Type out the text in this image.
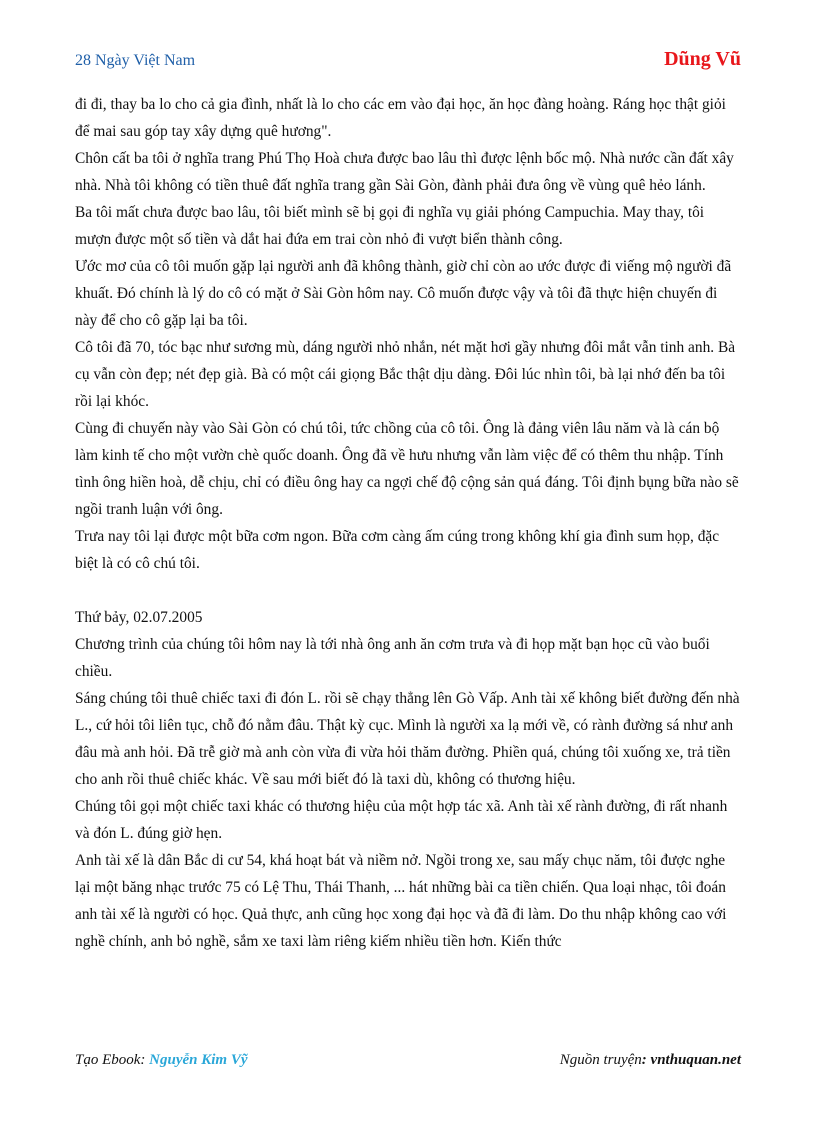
28 Ngày Việt Nam	Dũng Vũ

đi đi, thay ba lo cho cả gia đình, nhất là lo cho các em vào đại học, ăn học đàng hoàng. Ráng học thật giỏi để mai sau góp tay xây dựng quê hương".

Chôn cất ba tôi ở nghĩa trang Phú Thọ Hoà chưa được bao lâu thì được lệnh bốc mộ. Nhà nước cần đất xây nhà. Nhà tôi không có tiền thuê đất nghĩa trang gần Sài Gòn, đành phải đưa ông về vùng quê hẻo lánh.

Ba tôi mất chưa được bao lâu, tôi biết mình sẽ bị gọi đi nghĩa vụ giải phóng Campuchia. May thay, tôi mượn được một số tiền và dắt hai đứa em trai còn nhỏ đi vượt biển thành công.

Ước mơ của cô tôi muốn gặp lại người anh đã không thành, giờ chỉ còn ao ước được đi viếng mộ người đã khuất. Đó chính là lý do cô có mặt ở Sài Gòn hôm nay. Cô muốn được vậy và tôi đã thực hiện chuyến đi này để cho cô gặp lại ba tôi.

Cô tôi đã 70, tóc bạc như sương mù, dáng người nhỏ nhắn, nét mặt hơi gầy nhưng đôi mắt vẫn tinh anh. Bà cụ vẫn còn đẹp; nét đẹp già. Bà có một cái giọng Bắc thật dịu dàng. Đôi lúc nhìn tôi, bà lại nhớ đến ba tôi rồi lại khóc.

Cùng đi chuyến này vào Sài Gòn có chú tôi, tức chồng của cô tôi. Ông là đảng viên lâu năm và là cán bộ làm kinh tế cho một vườn chè quốc doanh. Ông đã về hưu nhưng vẫn làm việc để có thêm thu nhập. Tính tình ông hiền hoà, dễ chịu, chỉ có điều ông hay ca ngợi chế độ cộng sản quá đáng. Tôi định bụng bữa nào sẽ ngồi tranh luận với ông.

Trưa nay tôi lại được một bữa cơm ngon. Bữa cơm càng ấm cúng trong không khí gia đình sum họp, đặc biệt là có cô chú tôi.

Thứ bảy, 02.07.2005

Chương trình của chúng tôi hôm nay là tới nhà ông anh ăn cơm trưa và đi họp mặt bạn học cũ vào buổi chiều.

Sáng chúng tôi thuê chiếc taxi đi đón L. rồi sẽ chạy thẳng lên Gò Vấp. Anh tài xế không biết đường đến nhà L., cứ hỏi tôi liên tục, chỗ đó nằm đâu. Thật kỳ cục. Mình là người xa lạ mới về, có rành đường sá như anh đâu mà anh hỏi. Đã trễ giờ mà anh còn vừa đi vừa hỏi thăm đường. Phiền quá, chúng tôi xuống xe, trả tiền cho anh rồi thuê chiếc khác. Về sau mới biết đó là taxi dù, không có thương hiệu.

Chúng tôi gọi một chiếc taxi khác có thương hiệu của một hợp tác xã. Anh tài xế rành đường, đi rất nhanh và đón L. đúng giờ hẹn.

Anh tài xế là dân Bắc di cư 54, khá hoạt bát và niềm nở. Ngồi trong xe, sau mấy chục năm, tôi được nghe lại một băng nhạc trước 75 có Lệ Thu, Thái Thanh, ... hát những bài ca tiền chiến. Qua loại nhạc, tôi đoán anh tài xế là người có học. Quả thực, anh cũng học xong đại học và đã đi làm. Do thu nhập không cao với nghề chính, anh bỏ nghề, sắm xe taxi làm riêng kiếm nhiều tiền hơn. Kiến thức

Tạo Ebook: Nguyễn Kim Vỹ	Nguồn truyện: vnthuquan.net
